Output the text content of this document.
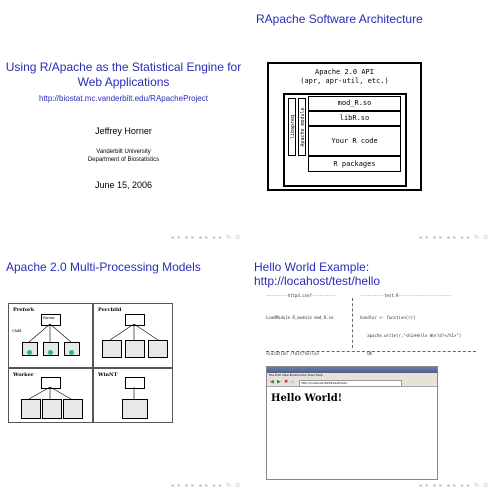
Using R/Apache as the Statistical Engine for Web Applications
http://biostat.mc.vanderbilt.edu/RApacheProject
Jeffrey Horner
Vanderbilt University
Department of Biostatistics
June 15, 2006
◂ ▸ ◂ ▸ ◂ ▸ ◂ ▸ ↻ ⊙
RApache Software Architecture
Apache 2.0 API
(apr, apr-util, etc.)
libapreq Apache module
mod_R.so
libR.so
Your R code
R packages
◂ ▸ ◂ ▸ ◂ ▸ ◂ ▸ ↻ ⊙
Apache 2.0 Multi-Processing Models
Prefork
Parent
Child
Perchild
Worker	WinNT
◂ ▸ ◂ ▸ ◂ ▸ ◂ ▸ ↻ ⊙
Hello World Example: http://locahost/test/hello
---------httpd.conf----------	----------test.R----------------------

LoadModule R_module mod_R.so

<Location /test/hello>

handler <- function(r){

apache.write(r,"<h1>Hello World!</h1>")

OK

File Edit View Bookmarks Tools Help
◀ ▶ ✖ ⌂	http://localhost:8181/test/hello
Hello World!
◂ ▸ ◂ ▸ ◂ ▸ ◂ ▸ ↻ ⊙
